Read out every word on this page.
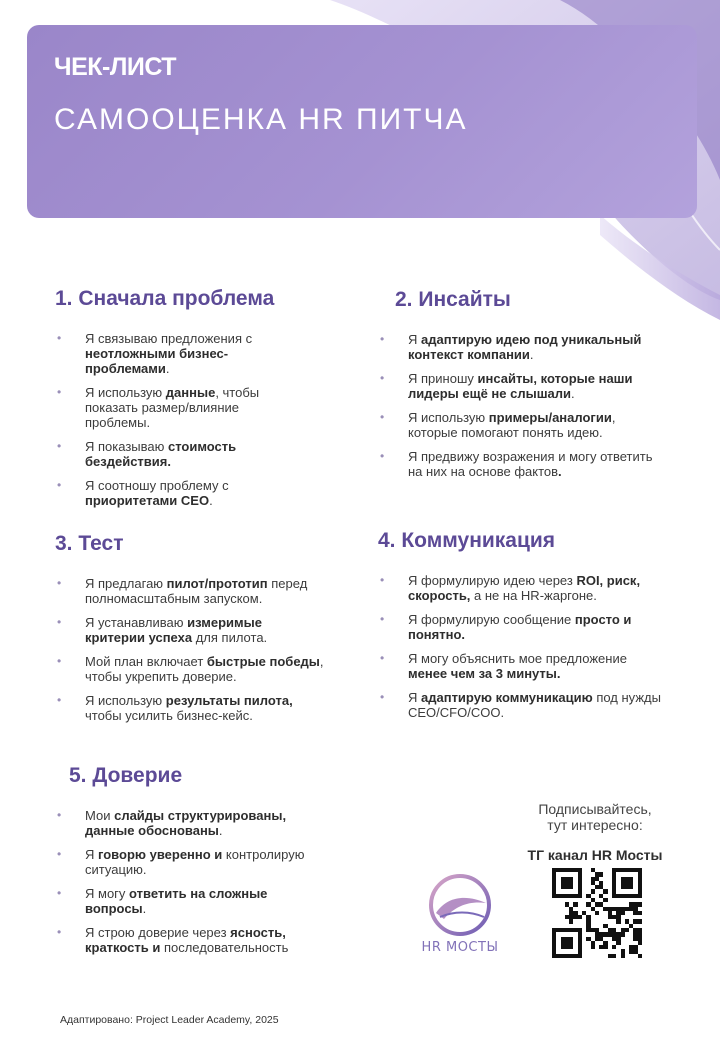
ЧЕК-ЛИСТ
САМООЦЕНКА HR ПИТЧА
1. Сначала проблема
• Я связываю предложения с неотложными бизнес-проблемами.
• Я использую данные, чтобы показать размер/влияние проблемы.
• Я показываю стоимость бездействия.
• Я соотношу проблему с приоритетами CEO.
2. Инсайты
• Я адаптирую идею под уникальный контекст компании.
• Я приношу инсайты, которые наши лидеры ещё не слышали.
• Я использую примеры/аналогии, которые помогают понять идею.
• Я предвижу возражения и могу ответить на них на основе фактов.
3. Тест
• Я предлагаю пилот/прототип перед полномасштабным запуском.
• Я устанавливаю измеримые критерии успеха для пилота.
• Мой план включает быстрые победы, чтобы укрепить доверие.
• Я использую результаты пилота, чтобы усилить бизнес-кейс.
4. Коммуникация
• Я формулирую идею через ROI, риск, скорость, а не на HR-жаргоне.
• Я формулирую сообщение просто и понятно.
• Я могу объяснить мое предложение менее чем за 3 минуты.
• Я адаптирую коммуникацию под нужды CEO/CFO/COO.
5. Доверие
• Мои слайды структурированы, данные обоснованы.
• Я говорю уверенно и контролирую ситуацию.
• Я могу ответить на сложные вопросы.
• Я строю доверие через ясность, краткость и последовательность
Подписывайтесь,
тут интересно:
ТГ канал HR Мосты
HR МОСТЫ
Адаптировано: Project Leader Academy, 2025
